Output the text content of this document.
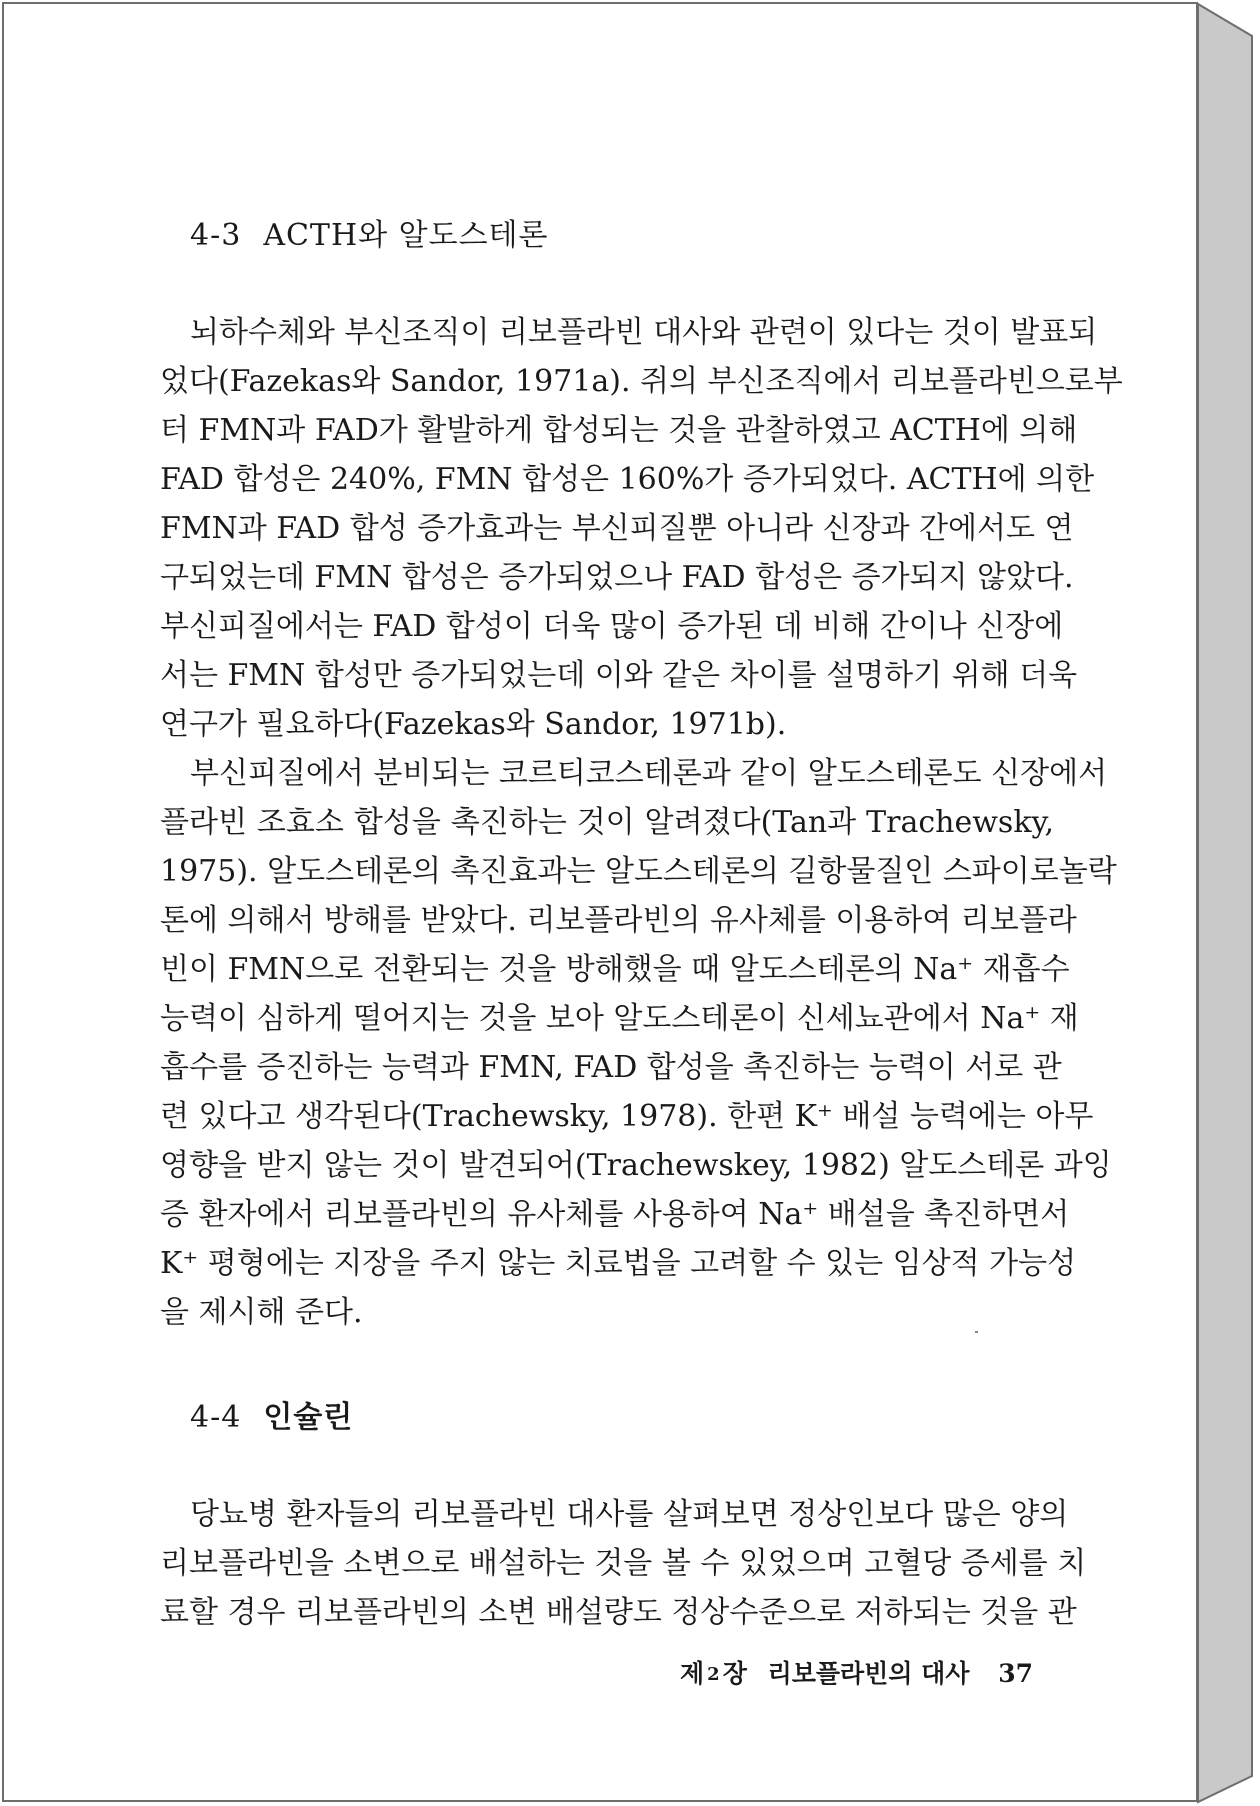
4-3 ACTH와 알도스테론
뇌하수체와 부신조직이 리보플라빈 대사와 관련이 있다는 것이 발표되
었다(Fazekas와 Sandor, 1971a). 쥐의 부신조직에서 리보플라빈으로부
터 FMN과 FAD가 활발하게 합성되는 것을 관찰하였고 ACTH에 의해
FAD 합성은 240%, FMN 합성은 160%가 증가되었다. ACTH에 의한
FMN과 FAD 합성 증가효과는 부신피질뿐 아니라 신장과 간에서도 연
구되었는데 FMN 합성은 증가되었으나 FAD 합성은 증가되지 않았다.
부신피질에서는 FAD 합성이 더욱 많이 증가된 데 비해 간이나 신장에
서는 FMN 합성만 증가되었는데 이와 같은 차이를 설명하기 위해 더욱
연구가 필요하다(Fazekas와 Sandor, 1971b).
부신피질에서 분비되는 코르티코스테론과 같이 알도스테론도 신장에서
플라빈 조효소 합성을 촉진하는 것이 알려졌다(Tan과 Trachewsky,
1975). 알도스테론의 촉진효과는 알도스테론의 길항물질인 스파이로놀락
톤에 의해서 방해를 받았다. 리보플라빈의 유사체를 이용하여 리보플라
빈이 FMN으로 전환되는 것을 방해했을 때 알도스테론의 Na⁺ 재흡수
능력이 심하게 떨어지는 것을 보아 알도스테론이 신세뇨관에서 Na⁺ 재
흡수를 증진하는 능력과 FMN, FAD 합성을 촉진하는 능력이 서로 관
련 있다고 생각된다(Trachewsky, 1978). 한편 K⁺ 배설 능력에는 아무
영향을 받지 않는 것이 발견되어(Trachewskey, 1982) 알도스테론 과잉
증 환자에서 리보플라빈의 유사체를 사용하여 Na⁺ 배설을 촉진하면서
K⁺ 평형에는 지장을 주지 않는 치료법을 고려할 수 있는 임상적 가능성
을 제시해 준다.
4-4 인슐린
당뇨병 환자들의 리보플라빈 대사를 살펴보면 정상인보다 많은 양의
리보플라빈을 소변으로 배설하는 것을 볼 수 있었으며 고혈당 증세를 치
료할 경우 리보플라빈의 소변 배설량도 정상수준으로 저하되는 것을 관
제 2 장 리보플라빈의 대사 37
